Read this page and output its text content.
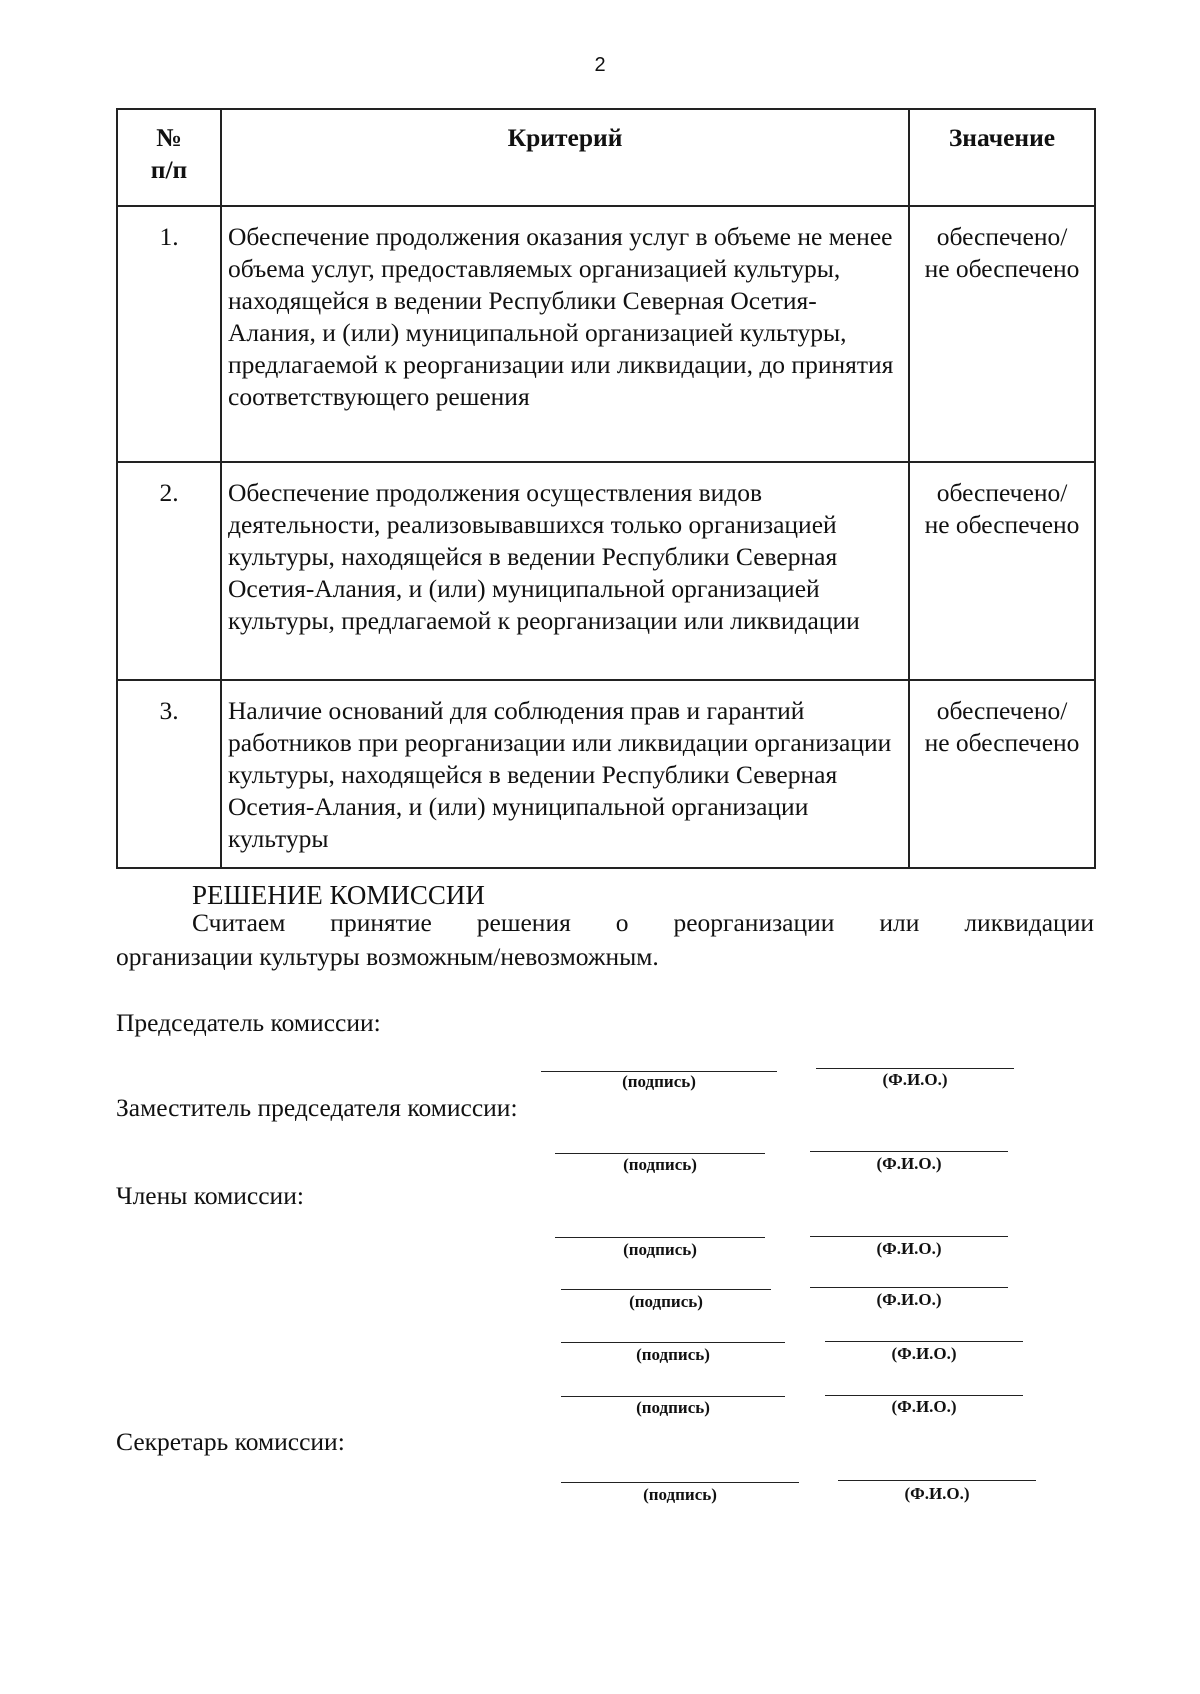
2
№
п/п	Критерий	Значение
1.	Обеспечение продолжения оказания услуг в объеме не менее объема услуг, предоставляемых организацией культуры, находящейся в ведении Республики Северная Осетия-Алания, и (или) муниципальной организацией культуры, предлагаемой к реорганизации или ликвидации, до принятия соответствующего решения	обеспечено/
не обеспечено
2.	Обеспечение продолжения осуществления видов деятельности, реализовывавшихся только организацией культуры, находящейся в ведении Республики Северная Осетия-Алания, и (или) муниципальной организацией культуры, предлагаемой к реорганизации или ликвидации	обеспечено/
не обеспечено
3.	Наличие оснований для соблюдения прав и гарантий работников при реорганизации или ликвидации организации культуры, находящейся в ведении Республики Северная Осетия-Алания, и (или) муниципальной организации культуры	обеспечено/
не обеспечено
РЕШЕНИЕ КОМИССИИ
Считаем принятие решения о реорганизации или ликвидации
организации культуры возможным/невозможным.
Председатель комиссии:
(подпись)	(Ф.И.О.)
Заместитель председателя комиссии:
(подпись)	(Ф.И.О.)
Члены комиссии:
(подпись)	(Ф.И.О.)
(подпись)	(Ф.И.О.)
(подпись)	(Ф.И.О.)
(подпись)	(Ф.И.О.)
Секретарь комиссии:
(подпись)	(Ф.И.О.)
